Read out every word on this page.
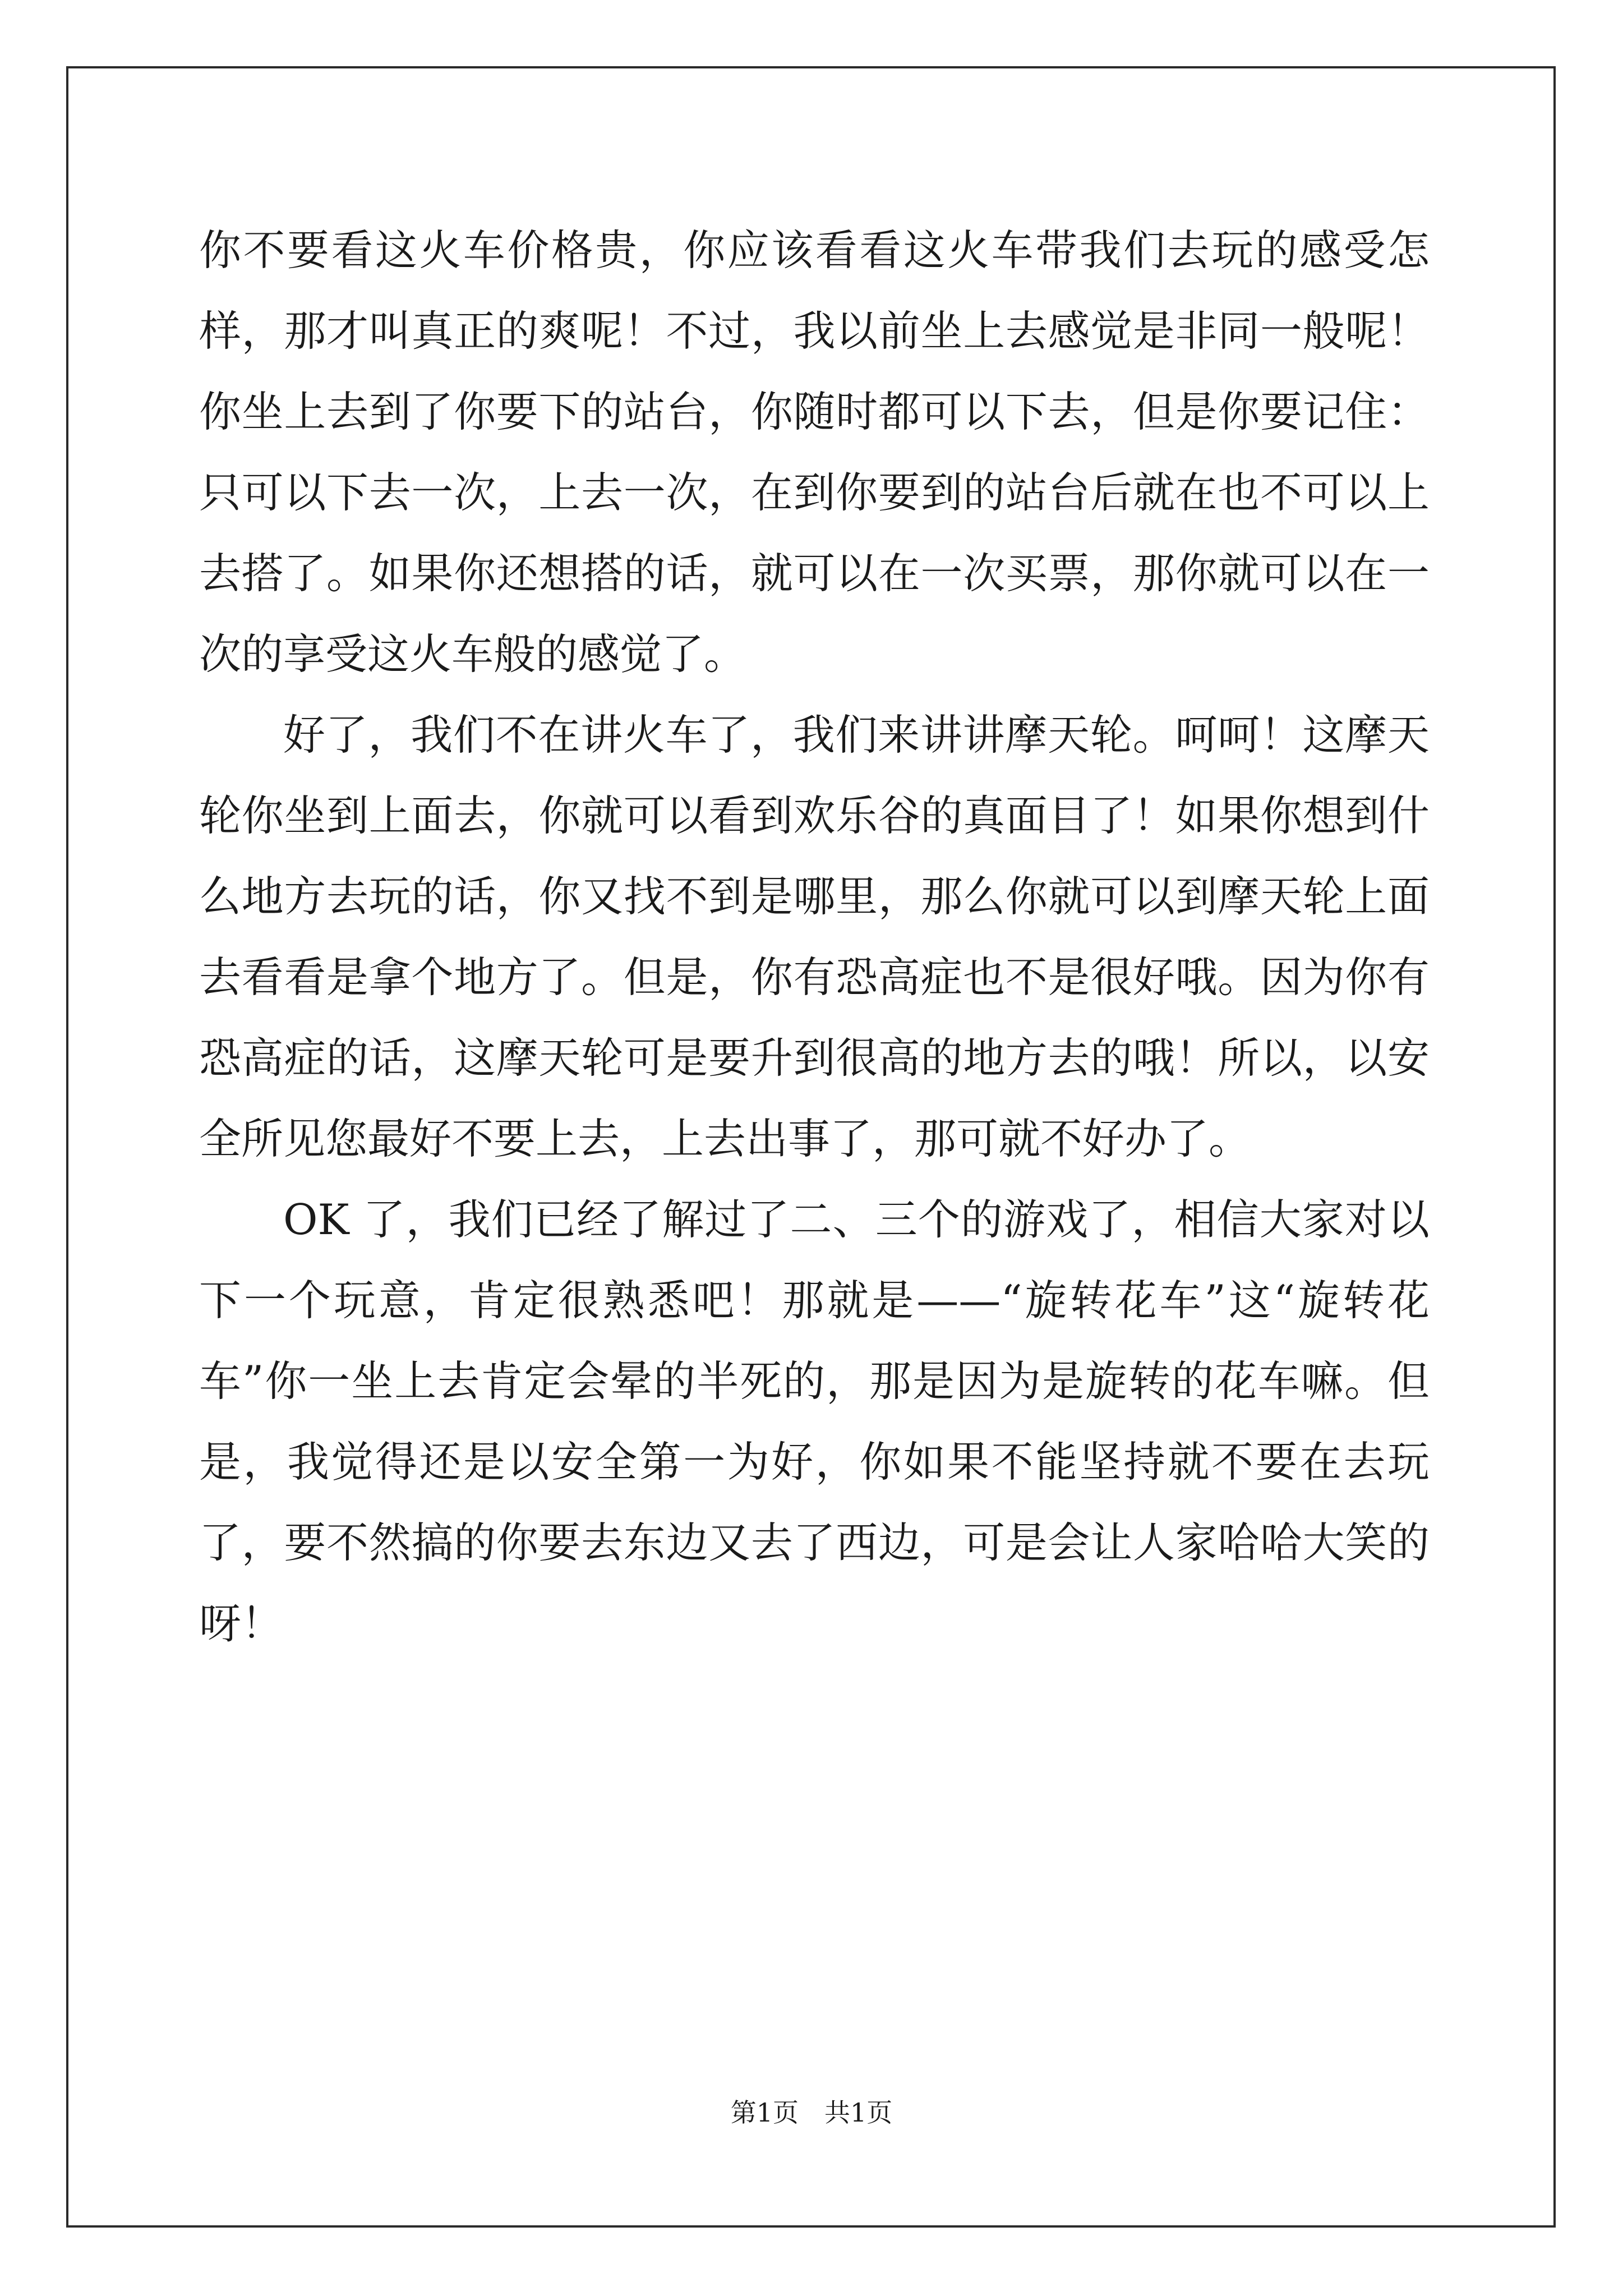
你不要看这火车价格贵，你应该看看这火车带我们去玩的感受怎样，那才叫真正的爽呢！不过，我以前坐上去感觉是非同一般呢！你坐上去到了你要下的站台，你随时都可以下去，但是你要记住：只可以下去一次，上去一次，在到你要到的站台后就在也不可以上去搭了。如果你还想搭的话，就可以在一次买票，那你就可以在一次的享受这火车般的感觉了。

好了，我们不在讲火车了，我们来讲讲摩天轮。呵呵！这摩天轮你坐到上面去，你就可以看到欢乐谷的真面目了！如果你想到什么地方去玩的话，你又找不到是哪里，那么你就可以到摩天轮上面去看看是拿个地方了。但是，你有恐高症也不是很好哦。因为你有恐高症的话，这摩天轮可是要升到很高的地方去的哦！所以，以安全所见您最好不要上去，上去出事了，那可就不好办了。

OK 了，我们已经了解过了二、三个的游戏了，相信大家对以下一个玩意，肯定很熟悉吧！那就是——“旋转花车”这“旋转花车”你一坐上去肯定会晕的半死的，那是因为是旋转的花车嘛。但是，我觉得还是以安全第一为好，你如果不能坚持就不要在去玩了，要不然搞的你要去东边又去了西边，可是会让人家哈哈大笑的呀！

第1页　共1页
